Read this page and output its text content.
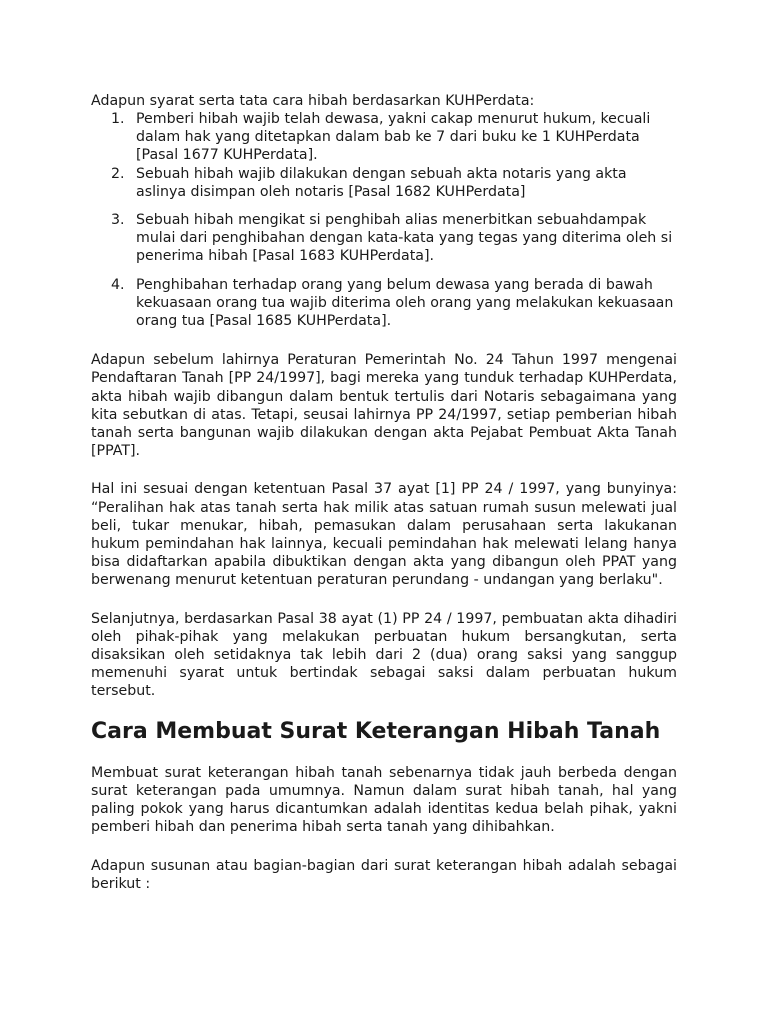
Adapun syarat serta tata cara hibah berdasarkan KUHPerdata:

1. Pemberi hibah wajib telah dewasa, yakni cakap menurut hukum, kecuali dalam hak yang ditetapkan dalam bab ke 7 dari buku ke 1 KUHPerdata [Pasal 1677 KUHPerdata].
2. Sebuah hibah wajib dilakukan dengan sebuah akta notaris yang akta aslinya disimpan oleh notaris [Pasal 1682 KUHPerdata]
3. Sebuah hibah mengikat si penghibah alias menerbitkan sebuahdampak mulai dari penghibahan dengan kata-kata yang tegas yang diterima oleh si penerima hibah [Pasal 1683 KUHPerdata].
4. Penghibahan terhadap orang yang belum dewasa yang berada di bawah kekuasaan orang tua wajib diterima oleh orang yang melakukan kekuasaan orang tua [Pasal 1685 KUHPerdata].

Adapun sebelum lahirnya Peraturan Pemerintah No. 24 Tahun 1997 mengenai Pendaftaran Tanah [PP 24/1997], bagi mereka yang tunduk terhadap KUHPerdata, akta hibah wajib dibangun dalam bentuk tertulis dari Notaris sebagaimana yang kita sebutkan di atas. Tetapi, seusai lahirnya PP 24/1997, setiap pemberian hibah tanah serta bangunan wajib dilakukan dengan akta Pejabat Pembuat Akta Tanah [PPAT].

Hal ini sesuai dengan ketentuan Pasal 37 ayat [1] PP 24 / 1997, yang bunyinya: “Peralihan hak atas tanah serta hak milik atas satuan rumah susun melewati jual beli, tukar menukar, hibah, pemasukan dalam perusahaan serta lakukanan hukum pemindahan hak lainnya, kecuali pemindahan hak melewati lelang hanya bisa didaftarkan apabila dibuktikan dengan akta yang dibangun oleh PPAT yang berwenang menurut ketentuan peraturan perundang - undangan yang berlaku".

Selanjutnya, berdasarkan Pasal 38 ayat (1) PP 24 / 1997, pembuatan akta dihadiri oleh pihak-pihak yang melakukan perbuatan hukum bersangkutan, serta disaksikan oleh setidaknya tak lebih dari 2 (dua) orang saksi yang sanggup memenuhi syarat untuk bertindak sebagai saksi dalam perbuatan hukum tersebut.

Cara Membuat Surat Keterangan Hibah Tanah

Membuat surat keterangan hibah tanah sebenarnya tidak jauh berbeda dengan surat keterangan pada umumnya. Namun dalam surat hibah tanah, hal yang paling pokok yang harus dicantumkan adalah identitas kedua belah pihak, yakni pemberi hibah dan penerima hibah serta tanah yang dihibahkan.

Adapun susunan atau bagian-bagian dari surat keterangan hibah adalah sebagai berikut :
